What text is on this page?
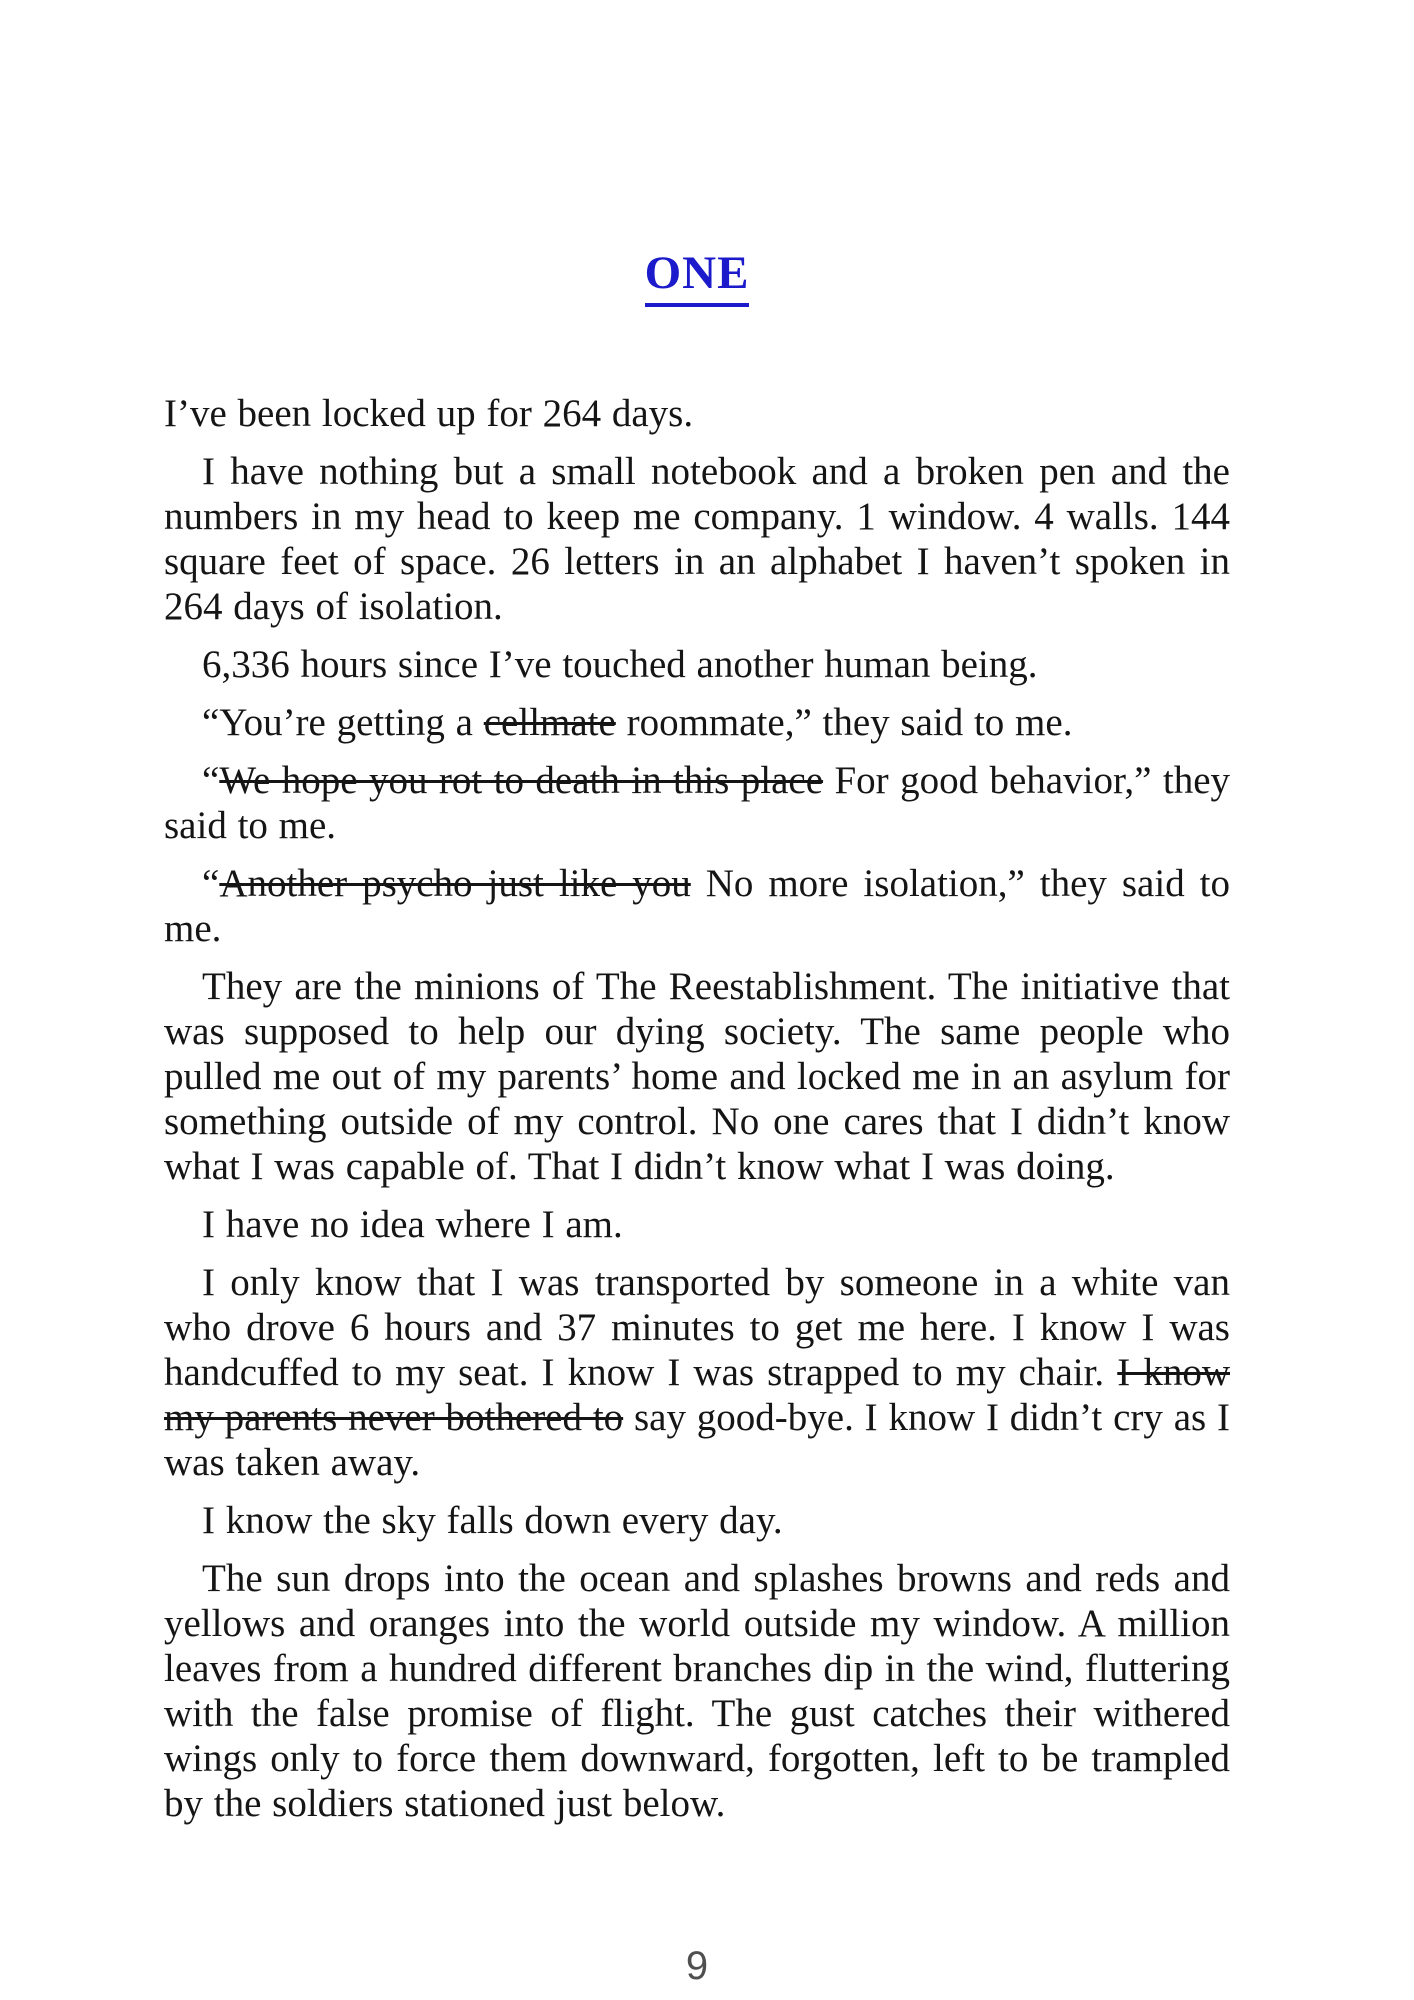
ONE

I’ve been locked up for 264 days.

I have nothing but a small notebook and a broken pen and the numbers in my head to keep me company. 1 window. 4 walls. 144 square feet of space. 26 letters in an alphabet I haven’t spoken in 264 days of isolation.

6,336 hours since I’ve touched another human being.

“You’re getting a cellmate roommate,” they said to me.

“We hope you rot to death in this place For good behavior,” they said to me.

“Another psycho just like you No more isolation,” they said to me.

They are the minions of The Reestablishment. The initiative that was supposed to help our dying society. The same people who pulled me out of my parents’ home and locked me in an asylum for something outside of my control. No one cares that I didn’t know what I was capable of. That I didn’t know what I was doing.

I have no idea where I am.

I only know that I was transported by someone in a white van who drove 6 hours and 37 minutes to get me here. I know I was handcuffed to my seat. I know I was strapped to my chair. I know my parents never bothered to say good-bye. I know I didn’t cry as I was taken away.

I know the sky falls down every day.

The sun drops into the ocean and splashes browns and reds and yellows and oranges into the world outside my window. A million leaves from a hundred different branches dip in the wind, fluttering with the false promise of flight. The gust catches their withered wings only to force them downward, forgotten, left to be trampled by the soldiers stationed just below.

9
